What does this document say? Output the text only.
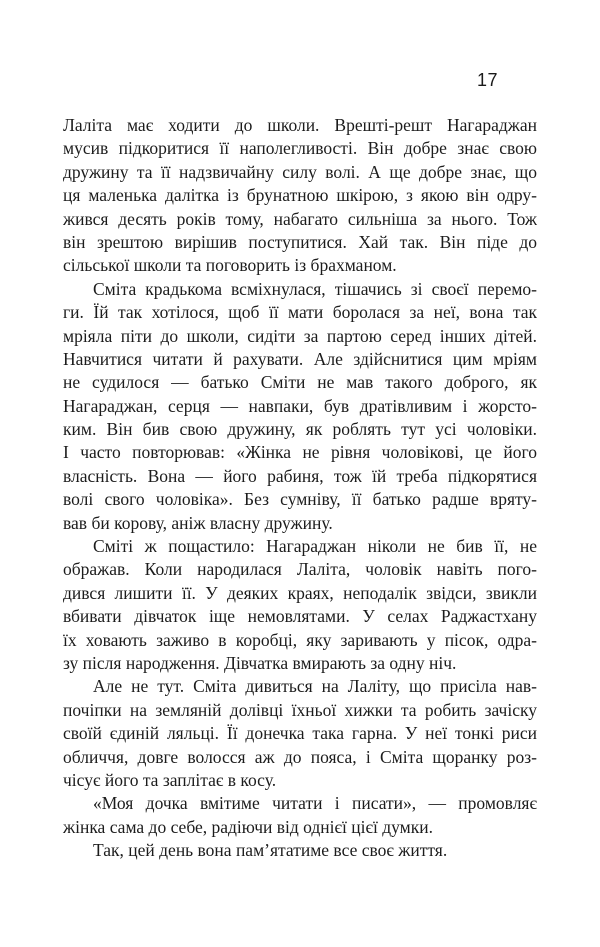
17
Лаліта має ходити до школи. Врешті-решт Нагараджан
мусив підкоритися її наполегливості. Він добре знає свою
дружину та її надзвичайну силу волі. А ще добре знає, що
ця маленька далітка із брунатною шкірою, з якою він одру-
жився десять років тому, набагато сильніша за нього. Тож
він зрештою вирішив поступитися. Хай так. Він піде до
сільської школи та поговорить із брахманом.
Сміта крадькома всміхнулася, тішачись зі своєї перемо-
ги. Їй так хотілося, щоб її мати боролася за неї, вона так
мріяла піти до школи, сидіти за партою серед інших дітей.
Навчитися читати й рахувати. Але здійснитися цим мріям
не судилося — батько Сміти не мав такого доброго, як
Нагараджан, серця — навпаки, був дратівливим і жорсто-
ким. Він бив свою дружину, як роблять тут усі чоловіки.
І часто повторював: «Жінка не рівня чоловікові, це його
власність. Вона — його рабиня, тож їй треба підкорятися
волі свого чоловіка». Без сумніву, її батько радше вряту-
вав би корову, аніж власну дружину.
Сміті ж пощастило: Нагараджан ніколи не бив її, не
ображав. Коли народилася Лаліта, чоловік навіть пого-
дився лишити її. У деяких краях, неподалік звідси, звикли
вбивати дівчаток іще немовлятами. У селах Раджастхану
їх ховають заживо в коробці, яку заривають у пісок, одра-
зу після народження. Дівчатка вмирають за одну ніч.
Але не тут. Сміта дивиться на Лаліту, що присіла нав-
почіпки на земляній долівці їхньої хижки та робить зачіску
своїй єдиній ляльці. Її донечка така гарна. У неї тонкі риси
обличчя, довге волосся аж до пояса, і Сміта щоранку роз-
чісує його та заплітає в косу.
«Моя дочка вмітиме читати і писати», — промовляє
жінка сама до себе, радіючи від однієї цієї думки.
Так, цей день вона пам’ятатиме все своє життя.
